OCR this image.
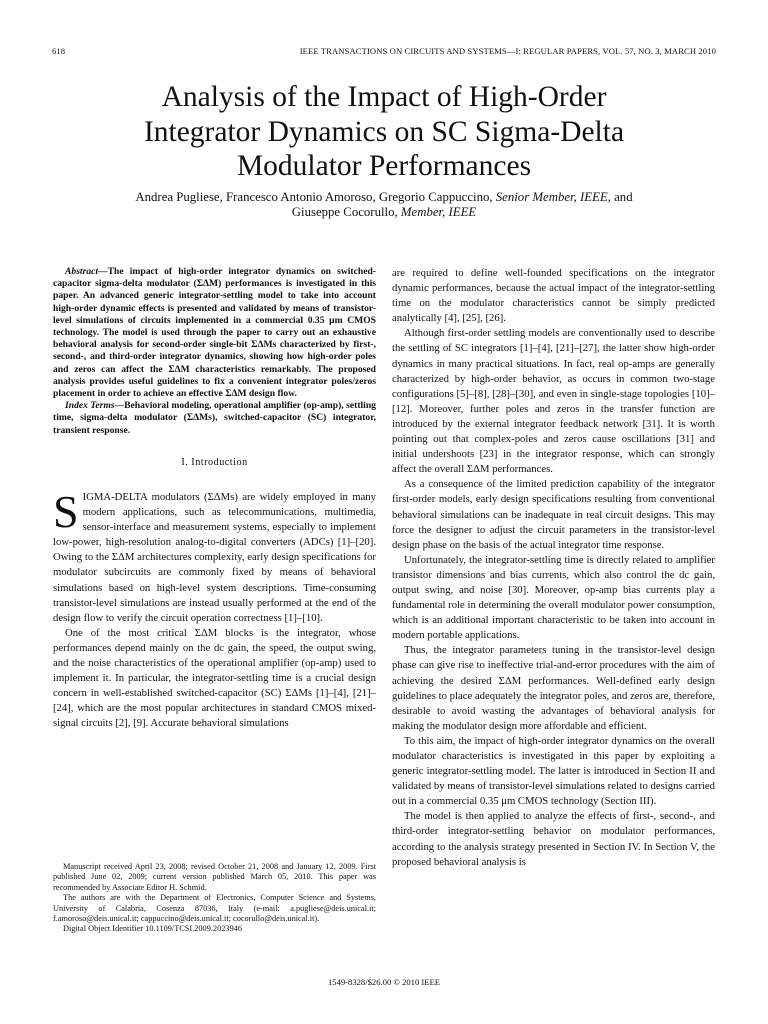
618	IEEE TRANSACTIONS ON CIRCUITS AND SYSTEMS—I: REGULAR PAPERS, VOL. 57, NO. 3, MARCH 2010
Analysis of the Impact of High-Order
Integrator Dynamics on SC Sigma-Delta
Modulator Performances
Andrea Pugliese, Francesco Antonio Amoroso, Gregorio Cappuccino, Senior Member, IEEE, and
Giuseppe Cocorullo, Member, IEEE

Abstract—The impact of high-order integrator dynamics on switched-capacitor sigma-delta modulator (ΣΔM) performances is investigated in this paper. An advanced generic integrator-settling model to take into account high-order dynamic effects is presented and validated by means of transistor-level simulations of circuits implemented in a commercial 0.35 μm CMOS technology. The model is used through the paper to carry out an exhaustive behavioral analysis for second-order single-bit ΣΔMs characterized by first-, second-, and third-order integrator dynamics, showing how high-order poles and zeros can affect the ΣΔM characteristics remarkably. The proposed analysis provides useful guidelines to fix a convenient integrator poles/zeros placement in order to achieve an effective ΣΔM design flow.

Index Terms—Behavioral modeling, operational amplifier (op-amp), settling time, sigma-delta modulator (ΣΔMs), switched-capacitor (SC) integrator, transient response.

I. Introduction

SIGMA-DELTA modulators (ΣΔMs) are widely employed in many modern applications, such as telecommunications, multimedia, sensor-interface and measurement systems, especially to implement low-power, high-resolution analog-to-digital converters (ADCs) [1]–[20]. Owing to the ΣΔM architectures complexity, early design specifications for modulator subcircuits are commonly fixed by means of behavioral simulations based on high-level system descriptions. Time-consuming transistor-level simulations are instead usually performed at the end of the design flow to verify the circuit operation correctness [1]–[10].

One of the most critical ΣΔM blocks is the integrator, whose performances depend mainly on the dc gain, the speed, the output swing, and the noise characteristics of the operational amplifier (op-amp) used to implement it. In particular, the integrator-settling time is a crucial design concern in well-established switched-capacitor (SC) ΣΔMs [1]–[4], [21]–[24], which are the most popular architectures in standard CMOS mixed-signal circuits [2], [9]. Accurate behavioral simulations

are required to define well-founded specifications on the integrator dynamic performances, because the actual impact of the integrator-settling time on the modulator characteristics cannot be simply predicted analytically [4], [25], [26].

Although first-order settling models are conventionally used to describe the settling of SC integrators [1]–[4], [21]–[27], the latter show high-order dynamics in many practical situations. In fact, real op-amps are generally characterized by high-order behavior, as occurs in common two-stage configurations [5]–[8], [28]–[30], and even in single-stage topologies [10]–[12]. Moreover, further poles and zeros in the transfer function are introduced by the external integrator feedback network [31]. It is worth pointing out that complex-poles and zeros cause oscillations [31] and initial undershoots [23] in the integrator response, which can strongly affect the overall ΣΔM performances.

As a consequence of the limited prediction capability of the integrator first-order models, early design specifications resulting from conventional behavioral simulations can be inadequate in real circuit designs. This may force the designer to adjust the circuit parameters in the transistor-level design phase on the basis of the actual integrator time response.

Unfortunately, the integrator-settling time is directly related to amplifier transistor dimensions and bias currents, which also control the dc gain, output swing, and noise [30]. Moreover, op-amp bias currents play a fundamental role in determining the overall modulator power consumption, which is an additional important characteristic to be taken into account in modern portable applications.

Thus, the integrator parameters tuning in the transistor-level design phase can give rise to ineffective trial-and-error procedures with the aim of achieving the desired ΣΔM performances. Well-defined early design guidelines to place adequately the integrator poles, and zeros are, therefore, desirable to avoid wasting the advantages of behavioral analysis for making the modulator design more affordable and efficient.

To this aim, the impact of high-order integrator dynamics on the overall modulator characteristics is investigated in this paper by exploiting a generic integrator-settling model. The latter is introduced in Section II and validated by means of transistor-level simulations related to designs carried out in a commercial 0.35 μm CMOS technology (Section III).

The model is then applied to analyze the effects of first-, second-, and third-order integrator-settling behavior on modulator performances, according to the analysis strategy presented in Section IV. In Section V, the proposed behavioral analysis is

Manuscript received April 23, 2008; revised October 21, 2008 and January 12, 2009. First published June 02, 2009; current version published March 05, 2010. This paper was recommended by Associate Editor H. Schmid.

The authors are with the Department of Electronics, Computer Science and Systems, University of Calabria, Cosenza 87036, Italy (e-mail: a.pugliese@deis.unical.it; f.amoroso@deis.unical.it; cappuccino@deis.unical.it; cocorullo@deis.unical.it).

Digital Object Identifier 10.1109/TCSI.2009.2023946

1549-8328/$26.00 © 2010 IEEE
